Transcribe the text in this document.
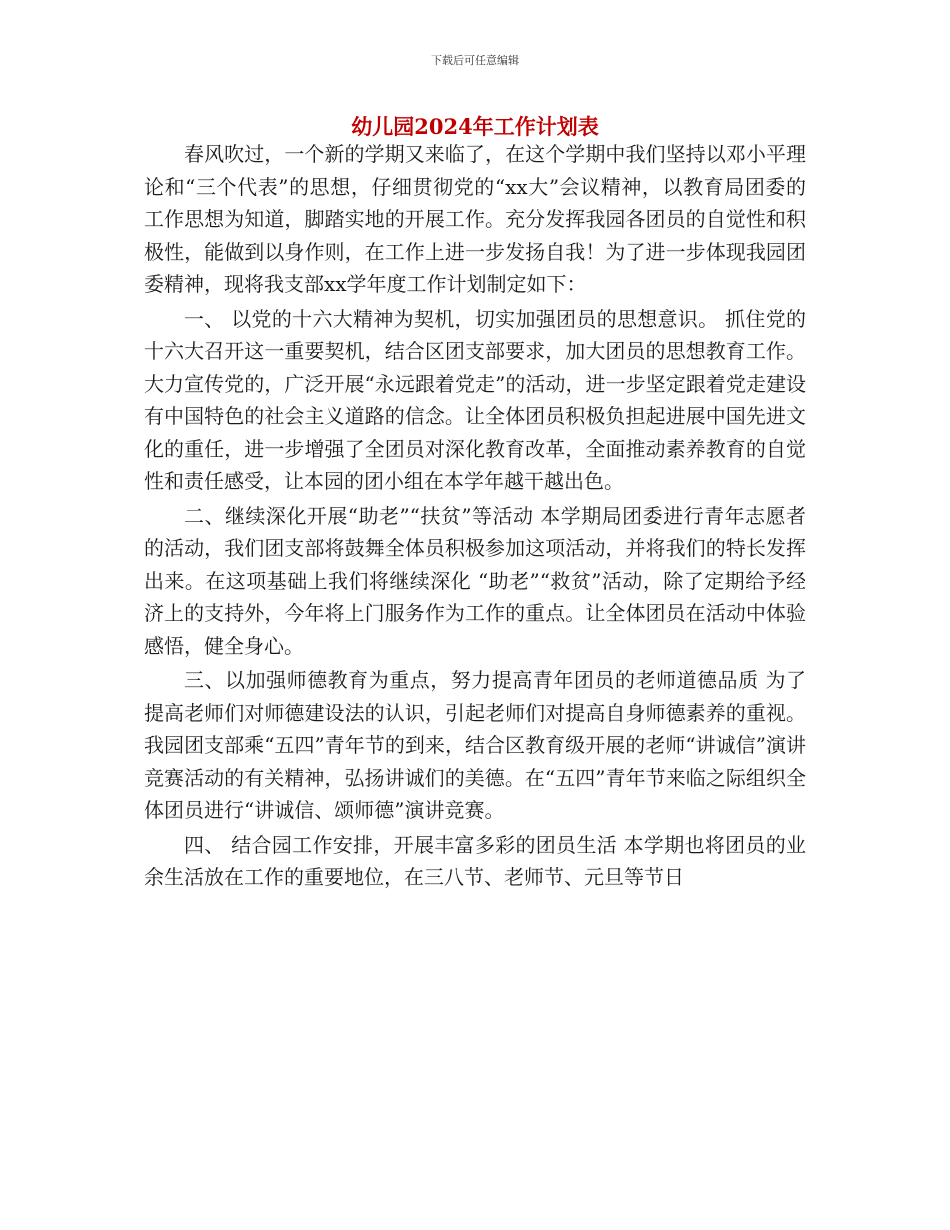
下载后可任意编辑
幼儿园2024年工作计划表

春风吹过，一个新的学期又来临了，在这个学期中我们坚持以邓小平理论和“三个代表”的思想，仔细贯彻党的“xx大”会议精神，以教育局团委的工作思想为知道，脚踏实地的开展工作。充分发挥我园各团员的自觉性和积极性，能做到以身作则，在工作上进一步发扬自我！为了进一步体现我园团委精神，现将我支部xx学年度工作计划制定如下：

一、 以党的十六大精神为契机，切实加强团员的思想意识。 抓住党的十六大召开这一重要契机，结合区团支部要求，加大团员的思想教育工作。大力宣传党的，广泛开展“永远跟着党走”的活动，进一步坚定跟着党走建设有中国特色的社会主义道路的信念。让全体团员积极负担起进展中国先进文化的重任，进一步增强了全团员对深化教育改革，全面推动素养教育的自觉性和责任感受，让本园的团小组在本学年越干越出色。

二、继续深化开展“助老”“扶贫”等活动 本学期局团委进行青年志愿者的活动，我们团支部将鼓舞全体员积极参加这项活动，并将我们的特长发挥出来。在这项基础上我们将继续深化 “助老”“救贫”活动，除了定期给予经济上的支持外，今年将上门服务作为工作的重点。让全体团员在活动中体验感悟，健全身心。

三、以加强师德教育为重点，努力提高青年团员的老师道德品质 为了提高老师们对师德建设法的认识，引起老师们对提高自身师德素养的重视。我园团支部乘“五四”青年节的到来，结合区教育级开展的老师“讲诚信”演讲竞赛活动的有关精神，弘扬讲诚们的美德。在“五四”青年节来临之际组织全体团员进行“讲诚信、颂师德”演讲竞赛。

四、 结合园工作安排，开展丰富多彩的团员生活 本学期也将团员的业余生活放在工作的重要地位，在三八节、老师节、元旦等节日
